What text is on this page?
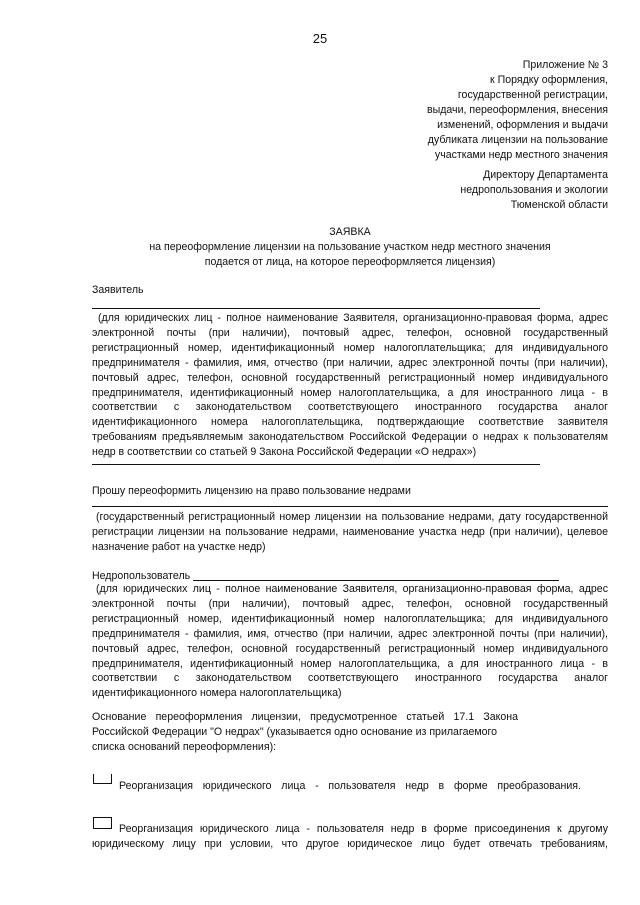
25
Приложение № 3
к Порядку оформления,
государственной регистрации,
выдачи, переоформления, внесения
изменений, оформления и выдачи
дубликата лицензии на пользование
участками недр местного значения
Директору Департамента
недропользования и экологии
Тюменской области
ЗАЯВКА
на переоформление лицензии на пользование участком недр местного значения
подается от лица, на которое переоформляется лицензия)
Заявитель
(для юридических лиц - полное наименование Заявителя, организационно-правовая форма, адрес
электронной почты (при наличии), почтовый адрес, телефон, основной государственный
регистрационный номер, идентификационный номер налогоплательщика; для индивидуального
предпринимателя - фамилия, имя, отчество (при наличии, адрес электронной почты (при наличии),
почтовый адрес, телефон, основной государственный регистрационный номер индивидуального
предпринимателя, идентификационный номер налогоплательщика, а для иностранного лица - в
соответствии с законодательством соответствующего иностранного государства аналог
идентификационного номера налогоплательщика, подтверждающие соответствие заявителя
требованиям предъявляемым законодательством Российской Федерации о недрах к пользователям
недр в соответствии со статьей 9 Закона Российской Федерации «О недрах»)
Прошу переоформить лицензию на право пользование недрами
(государственный регистрационный номер лицензии на пользование недрами, дату государственной
регистрации лицензии на пользование недрами, наименование участка недр (при наличии), целевое
назначение работ на участке недр)
Недропользователь
(для юридических лиц - полное наименование Заявителя, организационно-правовая форма, адрес
электронной почты (при наличии), почтовый адрес, телефон, основной государственный
регистрационный номер, идентификационный номер налогоплательщика; для индивидуального
предпринимателя - фамилия, имя, отчество (при наличии, адрес электронной почты (при наличии),
почтовый адрес, телефон, основной государственный регистрационный номер индивидуального
предпринимателя, идентификационный номер налогоплательщика, а для иностранного лица - в
соответствии с законодательством соответствующего иностранного государства аналог
идентификационного номера налогоплательщика)
Основание переоформления лицензии, предусмотренное статьей 17.1 Закона
Российской Федерации "О недрах" (указывается одно основание из прилагаемого
списка оснований переоформления):
Реорганизация юридического лица - пользователя недр в форме преобразования.
Реорганизация юридического лица - пользователя недр в форме присоединения к другому
юридическому лицу при условии, что другое юридическое лицо будет отвечать требованиям,
